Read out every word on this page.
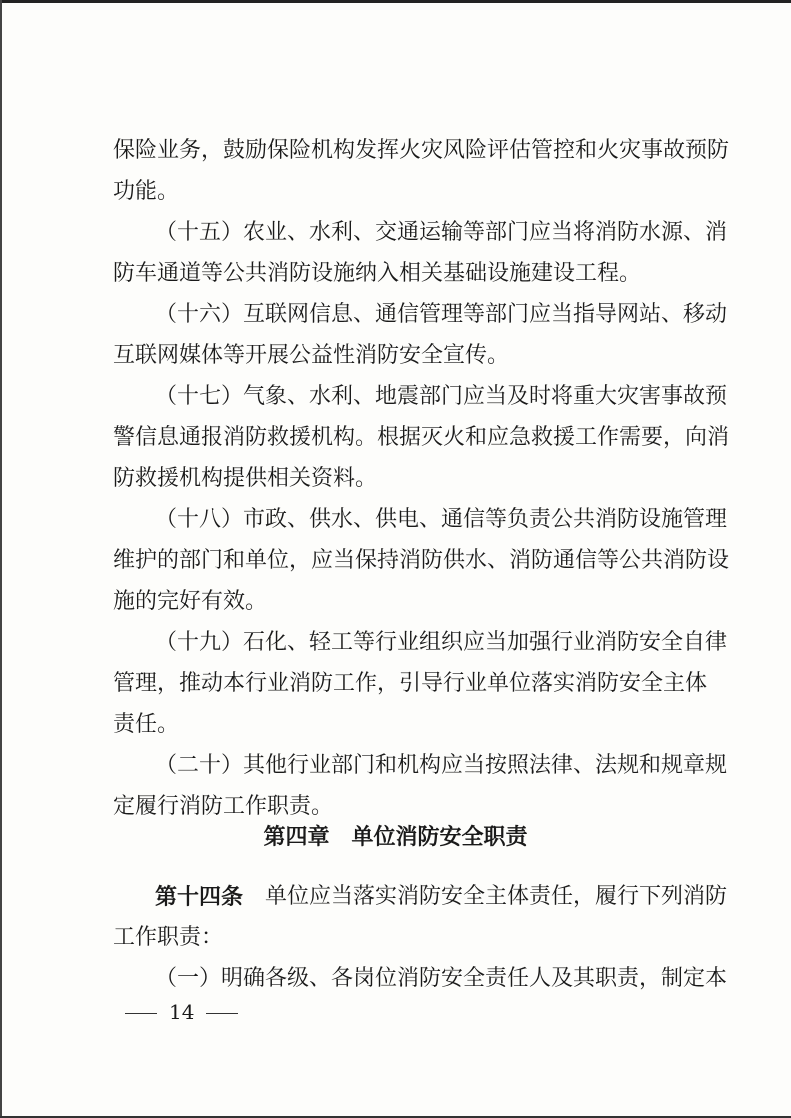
保险业务，鼓励保险机构发挥火灾风险评估管控和火灾事故预防

功能。

（十五）农业、水利、交通运输等部门应当将消防水源、消

防车通道等公共消防设施纳入相关基础设施建设工程。

（十六）互联网信息、通信管理等部门应当指导网站、移动

互联网媒体等开展公益性消防安全宣传。

（十七）气象、水利、地震部门应当及时将重大灾害事故预

警信息通报消防救援机构。根据灭火和应急救援工作需要，向消

防救援机构提供相关资料。

（十八）市政、供水、供电、通信等负责公共消防设施管理

维护的部门和单位，应当保持消防供水、消防通信等公共消防设

施的完好有效。

（十九）石化、轻工等行业组织应当加强行业消防安全自律

管理，推动本行业消防工作，引导行业单位落实消防安全主体

责任。

（二十）其他行业部门和机构应当按照法律、法规和规章规

定履行消防工作职责。

第四章　单位消防安全职责
第十四条 单位应当落实消防安全主体责任，履行下列消防

工作职责：

（一）明确各级、各岗位消防安全责任人及其职责，制定本

14
